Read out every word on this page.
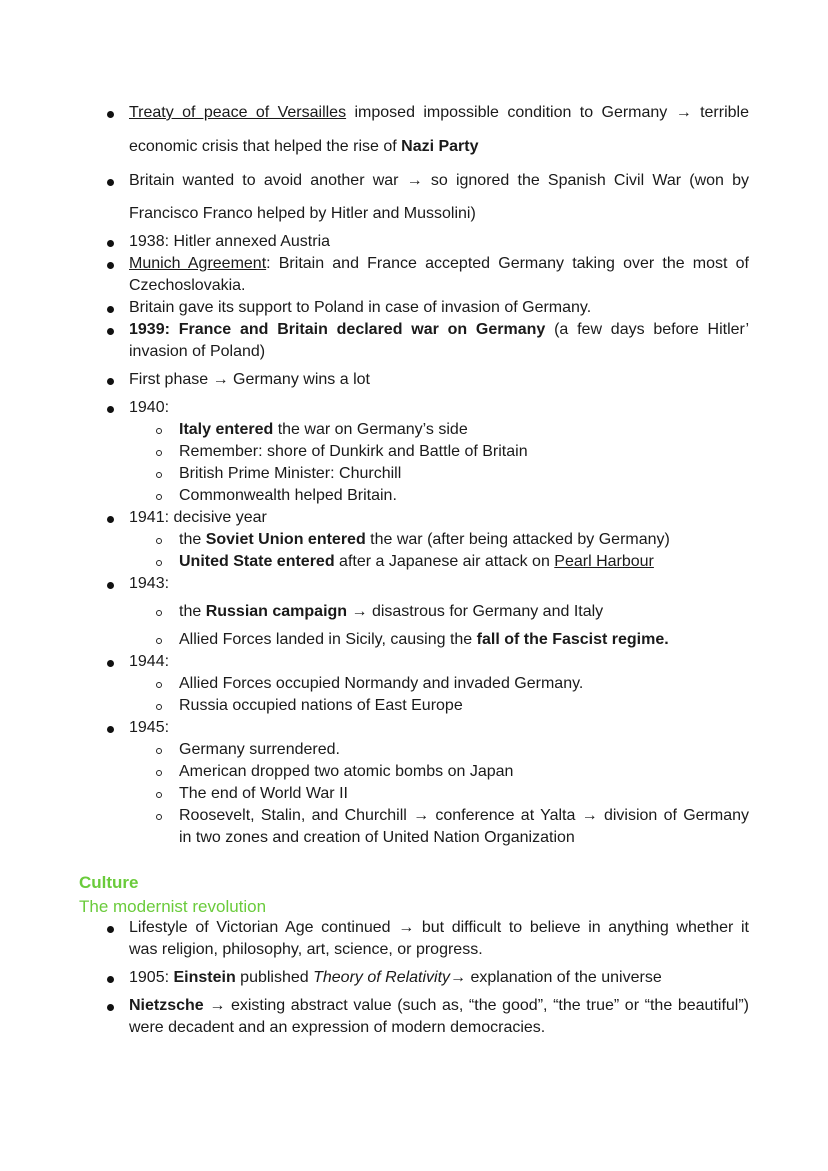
Treaty of peace of Versailles imposed impossible condition to Germany → terrible
economic crisis that helped the rise of Nazi Party
Britain wanted to avoid another war → so ignored the Spanish Civil War (won by
Francisco Franco helped by Hitler and Mussolini)
1938: Hitler annexed Austria
Munich Agreement: Britain and France accepted Germany taking over the most of
Czechoslovakia.
Britain gave its support to Poland in case of invasion of Germany.
1939: France and Britain declared war on Germany (a few days before Hitler’
invasion of Poland)
First phase → Germany wins a lot
1940:
Italy entered the war on Germany’s side
Remember: shore of Dunkirk and Battle of Britain
British Prime Minister: Churchill
Commonwealth helped Britain.
1941: decisive year
the Soviet Union entered the war (after being attacked by Germany)
United State entered after a Japanese air attack on Pearl Harbour
1943:
the Russian campaign → disastrous for Germany and Italy
Allied Forces landed in Sicily, causing the fall of the Fascist regime.
1944:
Allied Forces occupied Normandy and invaded Germany.
Russia occupied nations of East Europe
1945:
Germany surrendered.
American dropped two atomic bombs on Japan
The end of World War II
Roosevelt, Stalin, and Churchill → conference at Yalta → division of Germany
in two zones and creation of United Nation Organization
Culture
The modernist revolution
Lifestyle of Victorian Age continued → but difficult to believe in anything whether it
was religion, philosophy, art, science, or progress.
1905: Einstein published Theory of Relativity→ explanation of the universe
Nietzsche → existing abstract value (such as, “the good”, “the true” or “the beautiful”)
were decadent and an expression of modern democracies.
